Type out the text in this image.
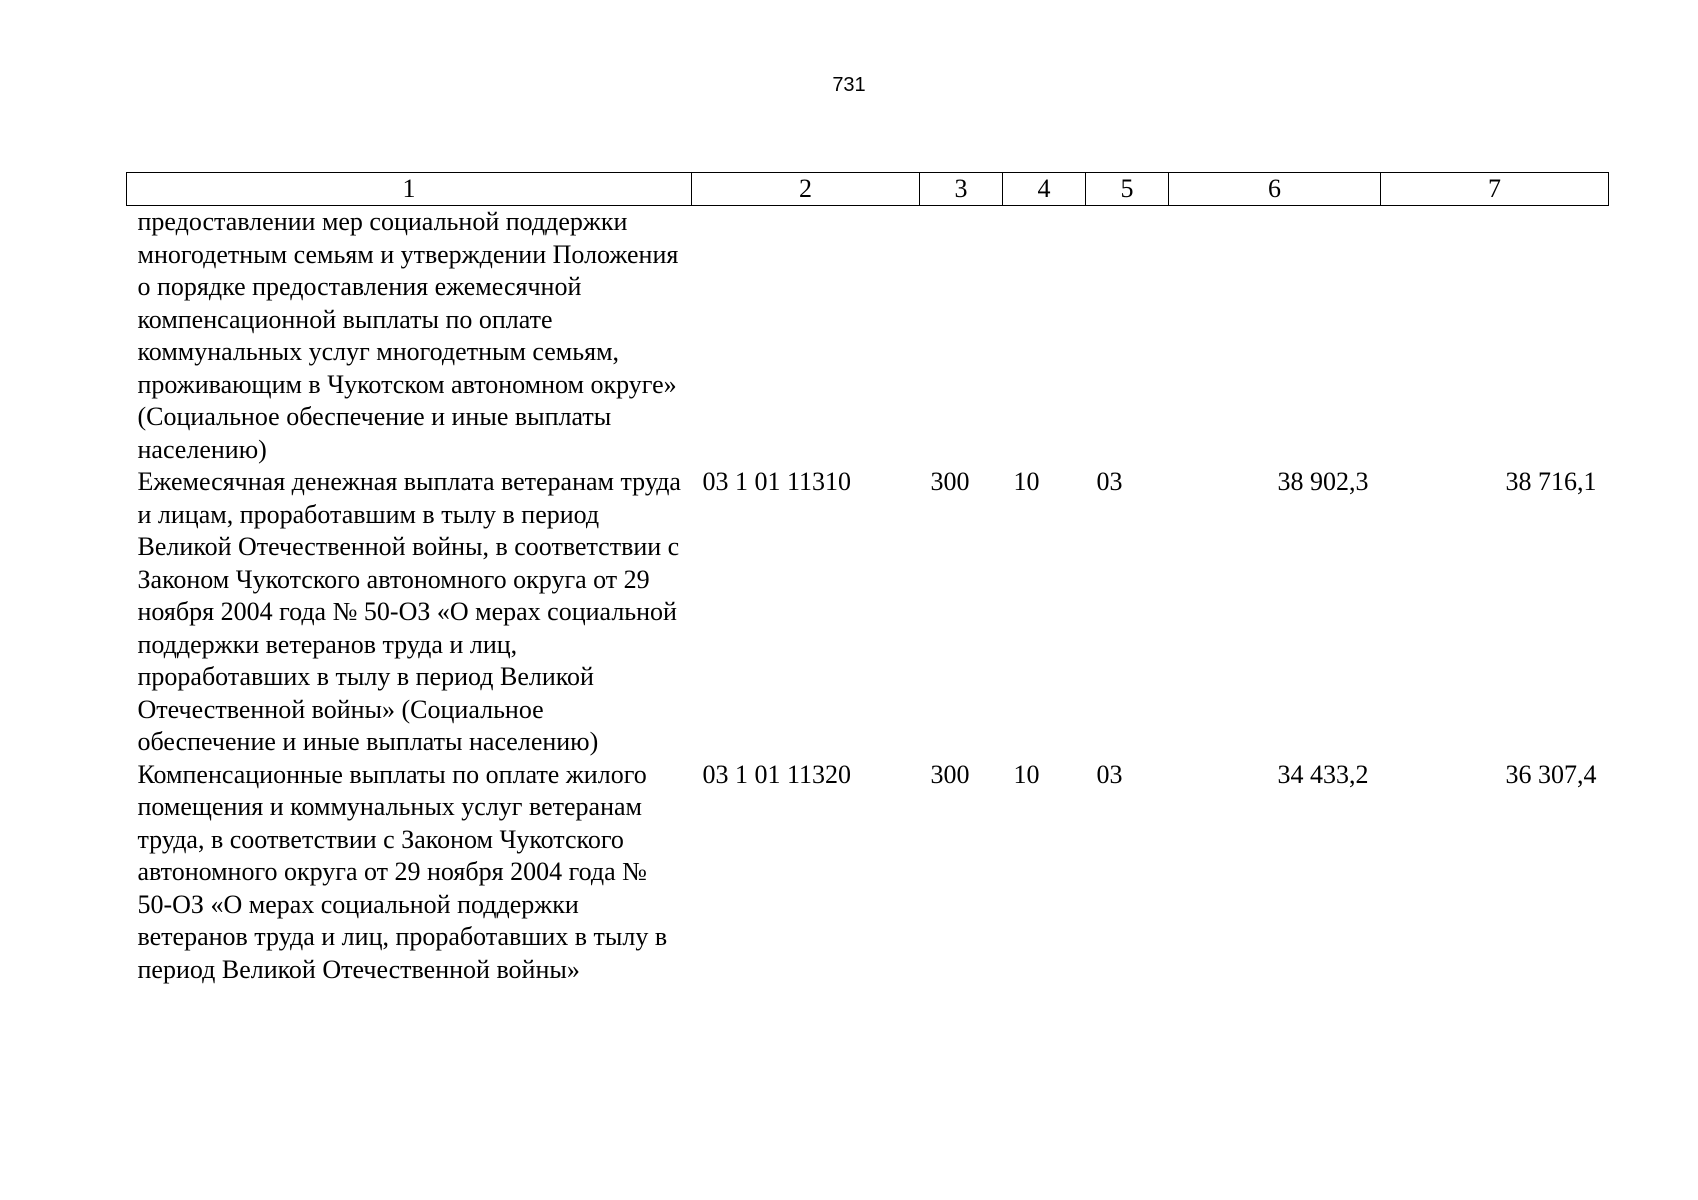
731
1	2	3	4	5	6	7
предоставлении мер социальной поддержки многодетным семьям и утверждении Положения о порядке предоставления ежемесячной компенсационной выплаты по оплате коммунальных услуг многодетным семьям, проживающим в Чукотском автономном округе» (Социальное обеспечение и иные выплаты населению)						
Ежемесячная денежная выплата ветеранам труда и лицам, проработавшим в тылу в период Великой Отечественной войны, в соответствии с Законом Чукотского автономного округа от 29 ноября 2004 года № 50-ОЗ «О мерах социальной поддержки ветеранов труда и лиц, проработавших в тылу в период Великой Отечественной войны» (Социальное обеспечение и иные выплаты населению)	03 1 01 11310	300	10	03	38 902,3	38 716,1
Компенсационные выплаты по оплате жилого помещения и коммунальных услуг ветеранам труда, в соответствии с Законом Чукотского автономного округа от 29 ноября 2004 года № 50-ОЗ «О мерах социальной поддержки ветеранов труда и лиц, проработавших в тылу в период Великой Отечественной войны»	03 1 01 11320	300	10	03	34 433,2	36 307,4
